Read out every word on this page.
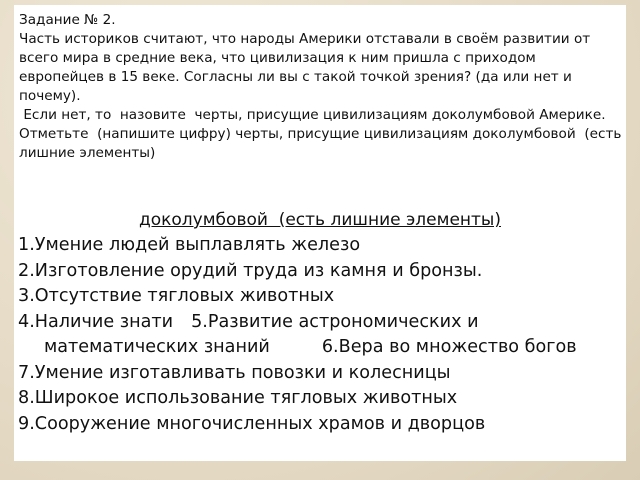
Задание № 2.

Часть историков считают, что народы Америки отставали в своём развитии от всего мира в средние века, что цивилизация к ним пришла с приходом европейцев в 15 веке. Согласны ли вы с такой точкой зрения? (да или нет и почему).

Если нет, то  назовите  черты, присущие цивилизациям доколумбовой Америке. Отметьте  (напишите цифру) черты, присущие цивилизациям доколумбовой  (есть лишние элементы)

доколумбовой  (есть лишние элементы)
1.Умение людей выплавлять железо
2.Изготовление орудий труда из камня и бронзы.
3.Отсутствие тягловых животных
4.Наличие знати 5.Развитие астрономических и математических знаний	6.Вера во множество богов
7.Умение изготавливать повозки и колесницы
8.Широкое использование тягловых животных
9.Сооружение многочисленных храмов и дворцов
